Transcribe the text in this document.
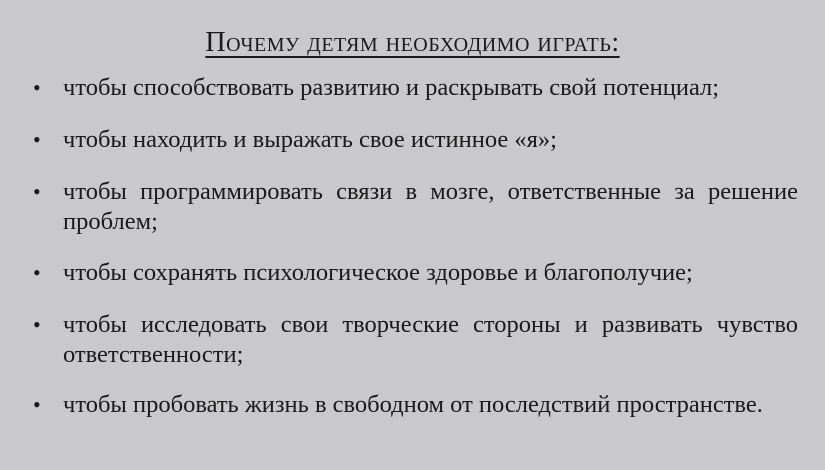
Почему детям необходимо играть:
• чтобы способствовать развитию и раскрывать свой потенциал;
• чтобы находить и выражать свое истинное «я»;
• чтобы программировать связи в мозге, ответственные за решение проблем;
• чтобы сохранять психологическое здоровье и благополучие;
• чтобы исследовать свои творческие стороны и развивать чувство ответственности;
• чтобы пробовать жизнь в свободном от последствий пространстве.
